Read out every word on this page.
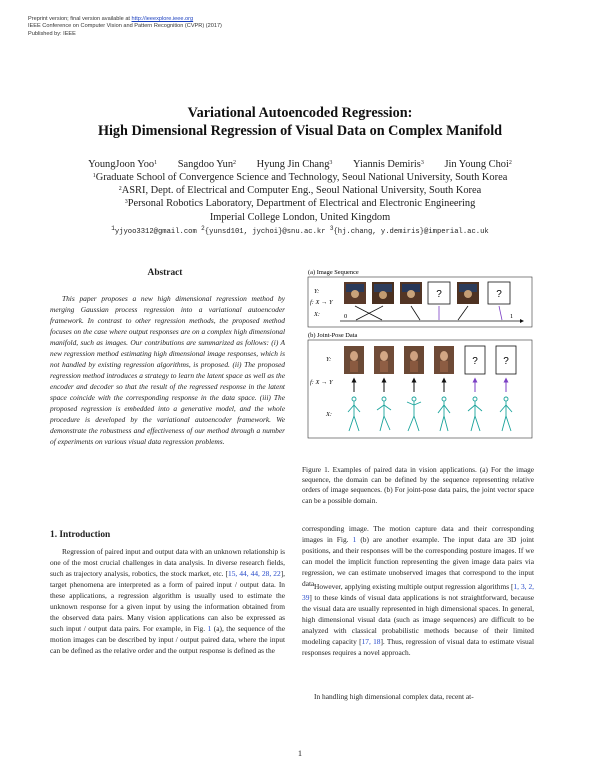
Preprint version; final version available at http://ieeexplore.ieee.org
IEEE Conference on Computer Vision and Pattern Recognition (CVPR) (2017)
Published by: IEEE
Variational Autoencoded Regression:
High Dimensional Regression of Visual Data on Complex Manifold
YoungJoon Yoo$^1$ Sangdoo Yun$^2$ Hyung Jin Chang$^3$ Yiannis Demiris$^3$ Jin Young Choi$^2$
$^1$Graduate School of Convergence Science and Technology, Seoul National University, South Korea
$^2$ASRI, Dept. of Electrical and Computer Eng., Seoul National University, South Korea
$^3$Personal Robotics Laboratory, Department of Electrical and Electronic Engineering
Imperial College London, United Kingdom
$^1$yjyoo3312@gmail.com $^2${yunsd101, jychoi}@snu.ac.kr $^3${hj.chang, y.demiris}@imperial.ac.uk
Abstract
This paper proposes a new high dimensional regression method by merging Gaussian process regression into a variational autoencoder framework. In contrast to other regression methods, the proposed method focuses on the case where output responses are on a complex high dimensional manifold, such as images. Our contributions are summarized as follows: (i) A new regression method estimating high dimensional image responses, which is not handled by existing regression algorithms, is proposed. (ii) The proposed regression method introduces a strategy to learn the latent space as well as the encoder and decoder so that the result of the regressed response in the latent space coincide with the corresponding response in the data space. (iii) The proposed regression is embedded into a generative model, and the whole procedure is developed by the variational autoencoder framework. We demonstrate the robustness and effectiveness of our method through a number of experiments on various visual data regression problems.
1. Introduction
Regression of paired input and output data with an unknown relationship is one of the most crucial challenges in data analysis. In diverse research fields, such as trajectory analysis, robotics, the stock market, etc. [15, 44, 44, 28, 22], target phenomena are interpreted as a form of paired input / output data. In these applications, a regression algorithm is usually used to estimate the unknown response for a given input by using the information obtained from the observed data pairs. Many vision applications can also be expressed as such input / output data pairs. For example, in Fig. 1 (a), the sequence of the motion images can be described by input / output paired data, where the input can be defined as the relative order and the output response is defined as the
(a) Image Sequence
Y:
f: X → Y
X:
?	?
0	1
(b) Joint-Pose Data
Y:
f: X → Y
X:
?	?
Figure 1. Examples of paired data in vision applications. (a) For the image sequence, the domain can be defined by the sequence representing relative orders of image sequences. (b) For joint-pose data pairs, the joint vector space can be a possible domain.
corresponding image. The motion capture data and their corresponding images in Fig. 1 (b) are another example. The input data are 3D joint positions, and their responses will be the corresponding posture images. If we can model the implicit function representing the given image data pairs via regression, we can estimate unobserved images that correspond to the input data.
However, applying existing multiple output regression algorithms [1, 3, 2, 39] to these kinds of visual data applications is not straightforward, because the visual data are usually represented in high dimensional spaces. In general, high dimensional visual data (such as image sequences) are difficult to be analyzed with classical probabilistic methods because of their limited modeling capacity [17, 18]. Thus, regression of visual data to estimate visual responses requires a novel approach.
In handling high dimensional complex data, recent at-
1
